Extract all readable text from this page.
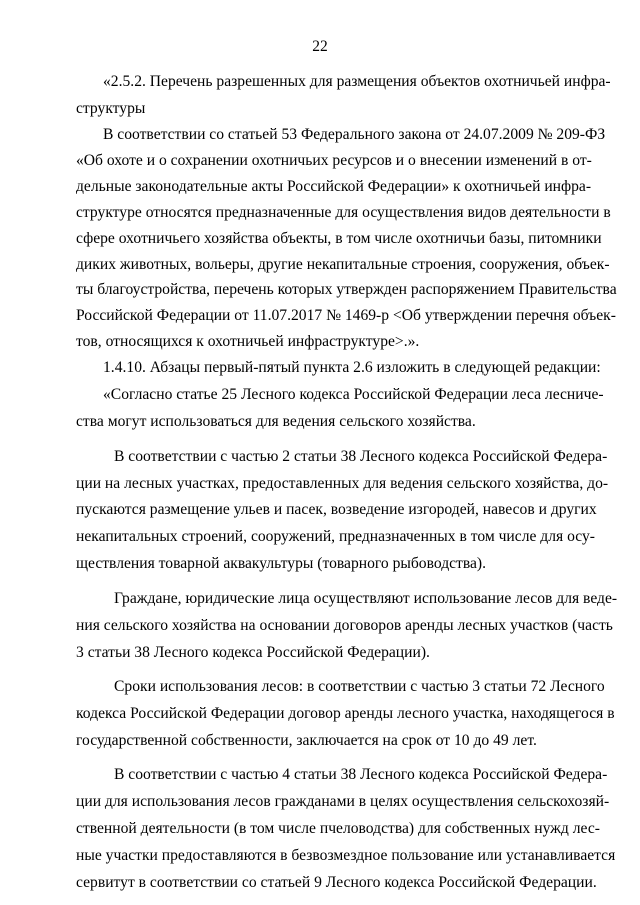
22
«2.5.2. Перечень разрешенных для размещения объектов охотничьей инфра-
структуры
В соответствии со статьей 53 Федерального закона от 24.07.2009 № 209-ФЗ
«Об охоте и о сохранении охотничьих ресурсов и о внесении изменений в от-
дельные законодательные акты Российской Федерации» к охотничьей инфра-
структуре относятся предназначенные для осуществления видов деятельности в
сфере охотничьего хозяйства объекты, в том числе охотничьи базы, питомники
диких животных, вольеры, другие некапитальные строения, сооружения, объек-
ты благоустройства, перечень которых утвержден распоряжением Правительства
Российской Федерации от 11.07.2017 № 1469-р <Об утверждении перечня объек-
тов, относящихся к охотничьей инфраструктуре>.».
1.4.10. Абзацы первый-пятый пункта 2.6 изложить в следующей редакции:
«Согласно статье 25 Лесного кодекса Российской Федерации леса лесниче-
ства могут использоваться для ведения сельского хозяйства.
В соответствии с частью 2 статьи 38 Лесного кодекса Российской Федера-
ции на лесных участках, предоставленных для ведения сельского хозяйства, до-
пускаются размещение ульев и пасек, возведение изгородей, навесов и других
некапитальных строений, сооружений, предназначенных в том числе для осу-
ществления товарной аквакультуры (товарного рыбоводства).
Граждане, юридические лица осуществляют использование лесов для веде-
ния сельского хозяйства на основании договоров аренды лесных участков (часть
3 статьи 38 Лесного кодекса Российской Федерации).
Сроки использования лесов: в соответствии с частью 3 статьи 72 Лесного
кодекса Российской Федерации договор аренды лесного участка, находящегося в
государственной собственности, заключается на срок от 10 до 49 лет.
В соответствии с частью 4 статьи 38 Лесного кодекса Российской Федера-
ции для использования лесов гражданами в целях осуществления сельскохозяй-
ственной деятельности (в том числе пчеловодства) для собственных нужд лес-
ные участки предоставляются в безвозмездное пользование или устанавливается
сервитут в соответствии со статьей 9 Лесного кодекса Российской Федерации.
